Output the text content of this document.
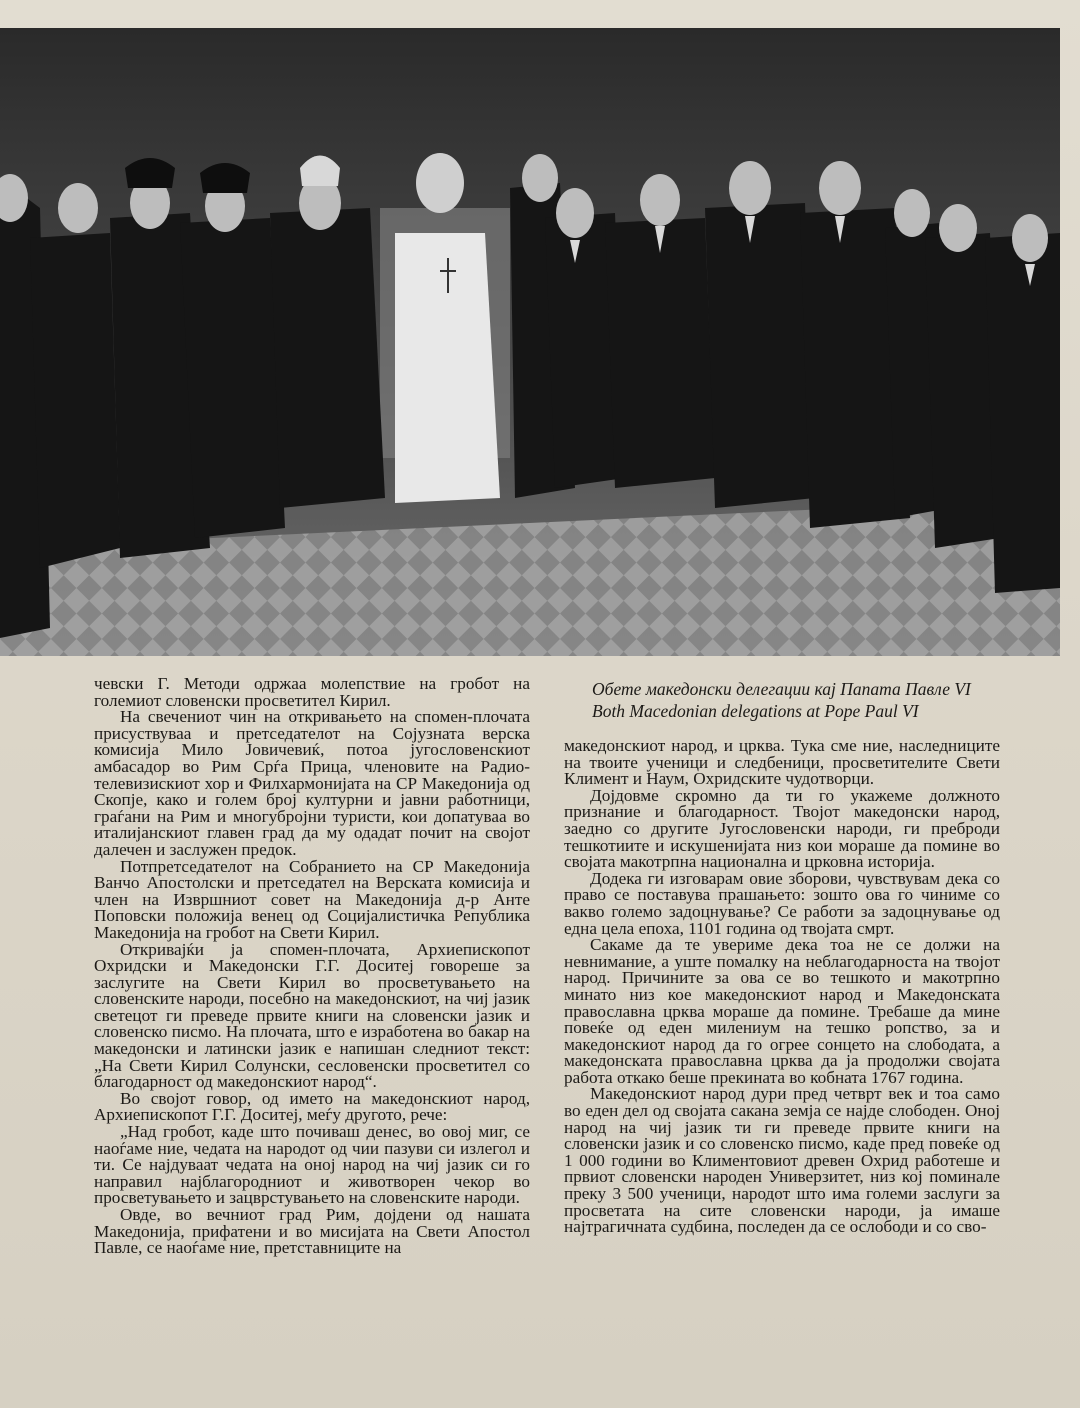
Обете македонски делегации кај Папата Павле VI
Both Macedonian delegations at Pope Paul VI

чевски Г. Методи одржаа молепствие на гробот на големиот словенски просветител Кирил.

На свечениот чин на откривањето на спомен-плочата присуствуваа и претседателот на Сојузната верска комисија Мило Јовичевиќ, потоа југословенскиот амбасадор во Рим Срѓа Прица, членовите на Радио-телевизискиот хор и Филхармонијата на СР Македонија од Скопје, како и голем број културни и јавни работници, граѓани на Рим и многубројни туристи, кои допатуваа во италијанскиот главен град да му одадат почит на својот далечен и заслужен предок.

Потпретседателот на Собранието на СР Македонија Ванчо Апостолски и претседател на Верската комисија и член на Извршниот совет на Македонија д-р Анте Поповски положија венец од Социјалистичка Република Македонија на гробот на Свети Кирил.

Откривајќи ја спомен-плочата, Архиепископот Охридски и Македонски Г.Г. Доситеј говореше за заслугите на Свети Кирил во просветувањето на словенските народи, посебно на македонскиот, на чиј јазик светецот ги преведе првите книги на словенски јазик и словенско писмо. На плочата, што е изработена во бакар на македонски и латински јазик е напишан следниот текст: „На Свети Кирил Солунски, сесловенски просветител со благодарност од македонскиот народ“.

Во својот говор, од името на македонскиот народ, Архиепископот Г.Г. Доситеј, меѓу другото, рече:

„Над гробот, каде што почиваш денес, во овој миг, се наоѓаме ние, чедата на народот од чии пазуви си излегол и ти. Се најдуваат чедата на оној народ на чиј јазик си го направил најблагородниот и животворен чекор во просветувањето и зацврстувањето на словенските народи.

Овде, во вечниот град Рим, дојдени од нашата Македонија, прифатени и во мисијата на Свети Апостол Павле, се наоѓаме ние, претставниците на

македонскиот народ, и црква. Тука сме ние, наследниците на твоите ученици и следбеници, просветителите Свети Климент и Наум, Охридските чудотворци.

Дојдовме скромно да ти го укажеме должното признание и благодарност. Твојот македонски народ, заедно со другите Југословенски народи, ги преброди тешкотиите и искушенијата низ кои мораше да помине во својата макотрпна национална и црковна историја.

Додека ги изговарам овие зборови, чувствувам дека со право се поставува прашањето: зошто ова го чиниме со вакво големо задоцнување? Се работи за задоцнување од една цела епоха, 1101 година од твојата смрт.

Сакаме да те увериме дека тоа не се должи на невнимание, а уште помалку на неблагодарноста на твојот народ. Причините за ова се во тешкото и макотрпно минато низ кое македонскиот народ и Македонската православна црква мораше да помине. Требаше да мине повеќе од еден милениум на тешко ропство, за и македонскиот народ да го огрее сонцето на слободата, а македонската православна црква да ја продолжи својата работа откако беше прекината во кобната 1767 година.

Македонскиот народ дури пред четврт век и тоа само во еден дел од својата сакана земја се најде слободен. Оној народ на чиј јазик ти ги преведе првите книги на словенски јазик и со словенско писмо, каде пред повеќе од 1 000 години во Климентовиот древен Охрид работеше и првиот словенски народен Универзитет, низ кој поминале преку 3 500 ученици, народот што има големи заслуги за просветата на сите словенски народи, ја имаше најтрагичната судбина, последен да се ослободи и со сво-
